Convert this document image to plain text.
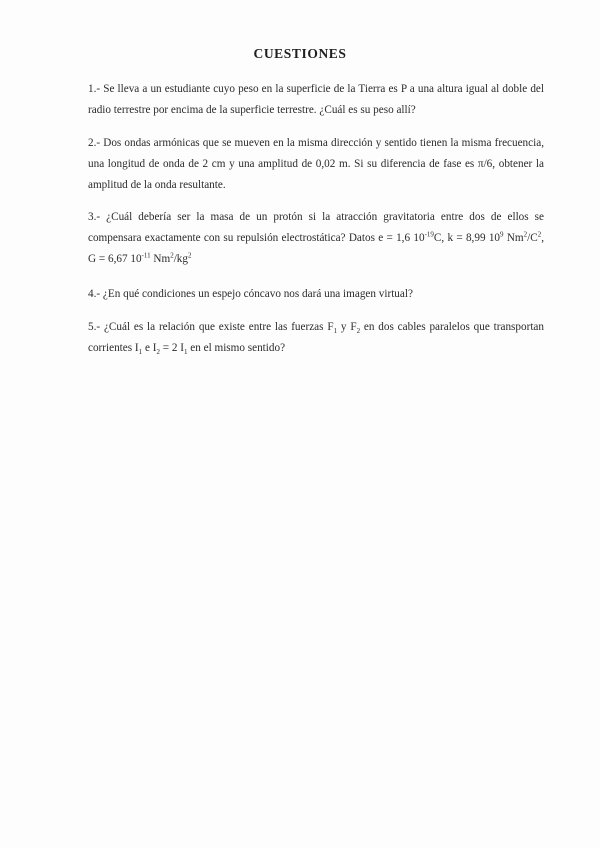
CUESTIONES
1.- Se lleva a un estudiante cuyo peso en la superficie de la Tierra es P a una altura igual al doble del radio terrestre por encima de la superficie terrestre. ¿Cuál es su peso allí?
2.- Dos ondas armónicas que se mueven en la misma dirección y sentido tienen la misma frecuencia, una longitud de onda de 2 cm y una amplitud de 0,02 m. Si su diferencia de fase es π/6, obtener la amplitud de la onda resultante.
3.- ¿Cuál debería ser la masa de un protón si la atracción gravitatoria entre dos de ellos se compensara exactamente con su repulsión electrostática? Datos e = 1,6 $10^{-19}C$, k = 8,99 $10^9$ $Nm^2/C^2$, G = 6,67 $10^{-11}$ $Nm^2/kg^2$
4.- ¿En qué condiciones un espejo cóncavo nos dará una imagen virtual?
5.- ¿Cuál es la relación que existe entre las fuerzas $F_1$ y $F_2$ en dos cables paralelos que transportan corrientes $I_1$ e $I_2 = 2$ $I_1$ en el mismo sentido?
